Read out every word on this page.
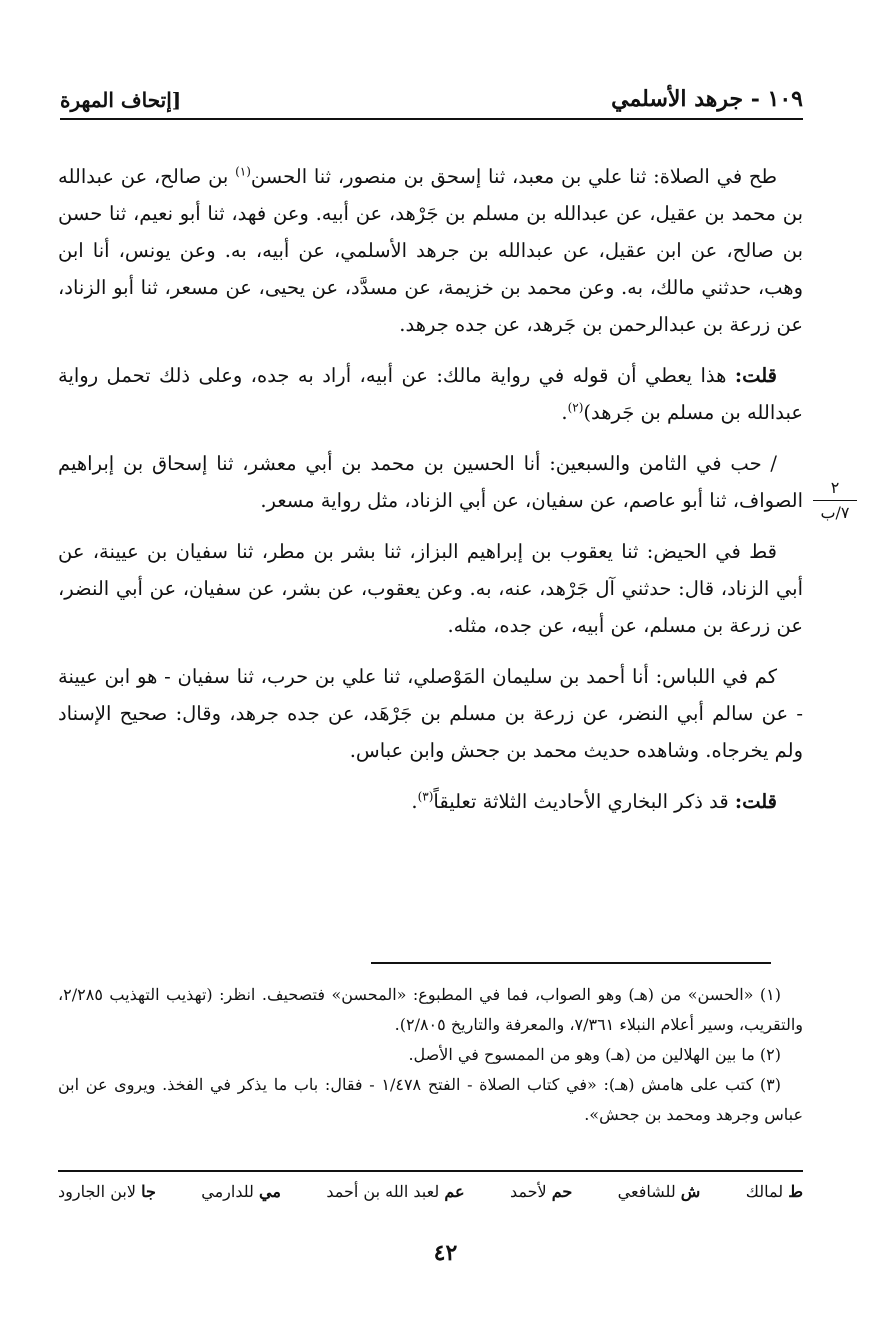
١٠٩ - جرهد الأسلمي
[إتحاف المهرة
٢
٧/ب

طح في الصلاة: ثنا علي بن معبد، ثنا إسحق بن منصور، ثنا الحسن$^{(١)}$ بن صالح، عن عبدالله بن محمد بن عقيل، عن عبدالله بن مسلم بن جَرْهد، عن أبيه. وعن فهد، ثنا أبو نعيم، ثنا حسن بن صالح، عن ابن عقيل، عن عبدالله بن جرهد الأسلمي، عن أبيه، به. وعن يونس، أنا ابن وهب، حدثني مالك، به. وعن محمد بن خزيمة، عن مسدَّد، عن يحيى، عن مسعر، ثنا أبو الزناد، عن زرعة بن عبدالرحمن بن جَرهد، عن جده جرهد.

قلت: هذا يعطي أن قوله في رواية مالك: عن أبيه، أراد به جده، وعلى ذلك تحمل رواية عبدالله بن مسلم بن جَرهد)$^{(٢)}$.

/ حب في الثامن والسبعين: أنا الحسين بن محمد بن أبي معشر، ثنا إسحاق بن إبراهيم الصواف، ثنا أبو عاصم، عن سفيان، عن أبي الزناد، مثل رواية مسعر.

قط في الحيض: ثنا يعقوب بن إبراهيم البزاز، ثنا بشر بن مطر، ثنا سفيان بن عيينة، عن أبي الزناد، قال: حدثني آل جَرْهد، عنه، به. وعن يعقوب، عن بشر، عن سفيان، عن أبي النضر، عن زرعة بن مسلم، عن أبيه، عن جده، مثله.

كم في اللباس: أنا أحمد بن سليمان المَوْصلي، ثنا علي بن حرب، ثنا سفيان - هو ابن عيينة - عن سالم أبي النضر، عن زرعة بن مسلم بن جَرْهَد، عن جده جرهد، وقال: صحيح الإسناد ولم يخرجاه. وشاهده حديث محمد بن جحش وابن عباس.

قلت: قد ذكر البخاري الأحاديث الثلاثة تعليقاً$^{(٣)}$.

(١) «الحسن» من (هـ) وهو الصواب، فما في المطبوع: «المحسن» فتصحيف. انظر: (تهذيب التهذيب ٢/٢٨٥، والتقريب، وسير أعلام النبلاء ٧/٣٦١، والمعرفة والتاريخ ٢/٨٠٥).

(٢) ما بين الهلالين من (هـ) وهو من الممسوح في الأصل.

(٣) كتب على هامش (هـ): «في كتاب الصلاة - الفتح ١/٤٧٨ - فقال: باب ما يذكر في الفخذ. ويروى عن ابن عباس وجرهد ومحمد بن جحش».

ط لمالك
ش للشافعي
حم لأحمد
عم لعبد الله بن أحمد
مي للدارمي
جا لابن الجارود
٤٢
